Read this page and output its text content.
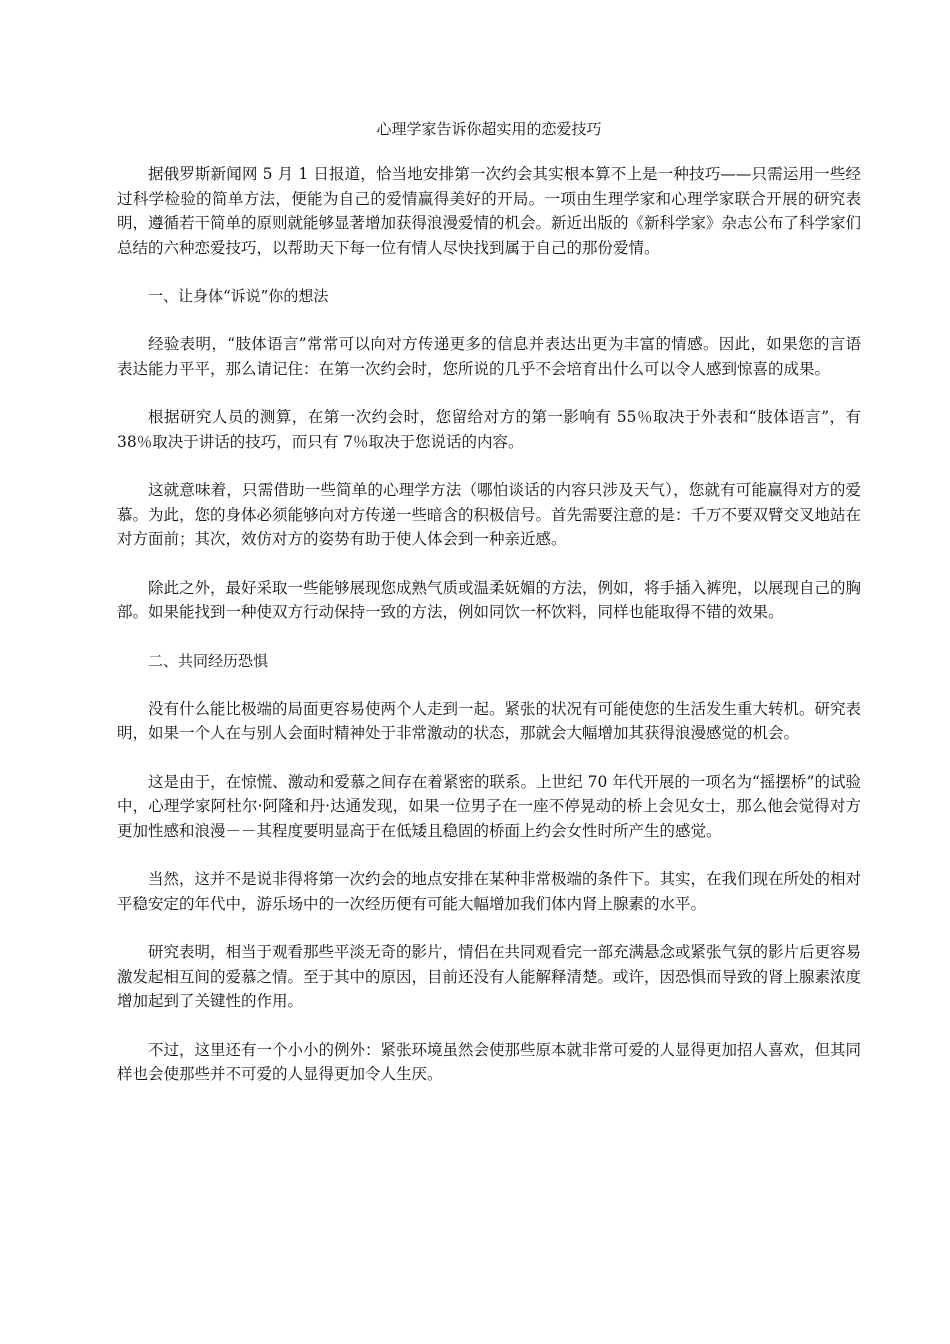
心理学家告诉你超实用的恋爱技巧

据俄罗斯新闻网 5 月 1 日报道，恰当地安排第一次约会其实根本算不上是一种技巧——只需运用一些经过科学检验的简单方法，便能为自己的爱情赢得美好的开局。一项由生理学家和心理学家联合开展的研究表明，遵循若干简单的原则就能够显著增加获得浪漫爱情的机会。新近出版的《新科学家》杂志公布了科学家们总结的六种恋爱技巧，以帮助天下每一位有情人尽快找到属于自己的那份爱情。

一、让身体“诉说”你的想法

经验表明，“肢体语言”常常可以向对方传递更多的信息并表达出更为丰富的情感。因此，如果您的言语 表达能力平平，那么请记住：在第一次约会时，您所说的几乎不会培育出什么可以令人感到惊喜的成果。

根据研究人员的测算，在第一次约会时，您留给对方的第一影响有 55％取决于外表和“肢体语言”，有 38％取决于讲话的技巧，而只有 7％取决于您说话的内容。

这就意味着，只需借助一些简单的心理学方法（哪怕谈话的内容只涉及天气），您就有可能赢得对方的爱慕。为此，您的身体必须能够向对方传递一些暗含的积极信号。首先需要注意的是：千万不要双臂交叉地站在对方面前；其次，效仿对方的姿势有助于使人体会到一种亲近感。

除此之外，最好采取一些能够展现您成熟气质或温柔妩媚的方法，例如，将手插入裤兜，以展现自己的胸部。如果能找到一种使双方行动保持一致的方法，例如同饮一杯饮料，同样也能取得不错的效果。

二、共同经历恐惧

没有什么能比极端的局面更容易使两个人走到一起。紧张的状况有可能使您的生活发生重大转机。研究表明，如果一个人在与别人会面时精神处于非常激动的状态，那就会大幅增加其获得浪漫感觉的机会。

这是由于，在惊慌、激动和爱慕之间存在着紧密的联系。上世纪 70 年代开展的一项名为“摇摆桥”的试验中，心理学家阿杜尔·阿隆和丹·达通发现，如果一位男子在一座不停晃动的桥上会见女士，那么他会觉得对方更加性感和浪漫－－其程度要明显高于在低矮且稳固的桥面上约会女性时所产生的感觉。

当然，这并不是说非得将第一次约会的地点安排在某种非常极端的条件下。其实，在我们现在所处的相对平稳安定的年代中，游乐场中的一次经历便有可能大幅增加我们体内肾上腺素的水平。

研究表明，相当于观看那些平淡无奇的影片，情侣在共同观看完一部充满悬念或紧张气氛的影片后更容易激发起相互间的爱慕之情。至于其中的原因，目前还没有人能解释清楚。或许，因恐惧而导致的肾上腺素浓度增加起到了关键性的作用。

不过，这里还有一个小小的例外：紧张环境虽然会使那些原本就非常可爱的人显得更加招人喜欢，但其同样也会使那些并不可爱的人显得更加令人生厌。
